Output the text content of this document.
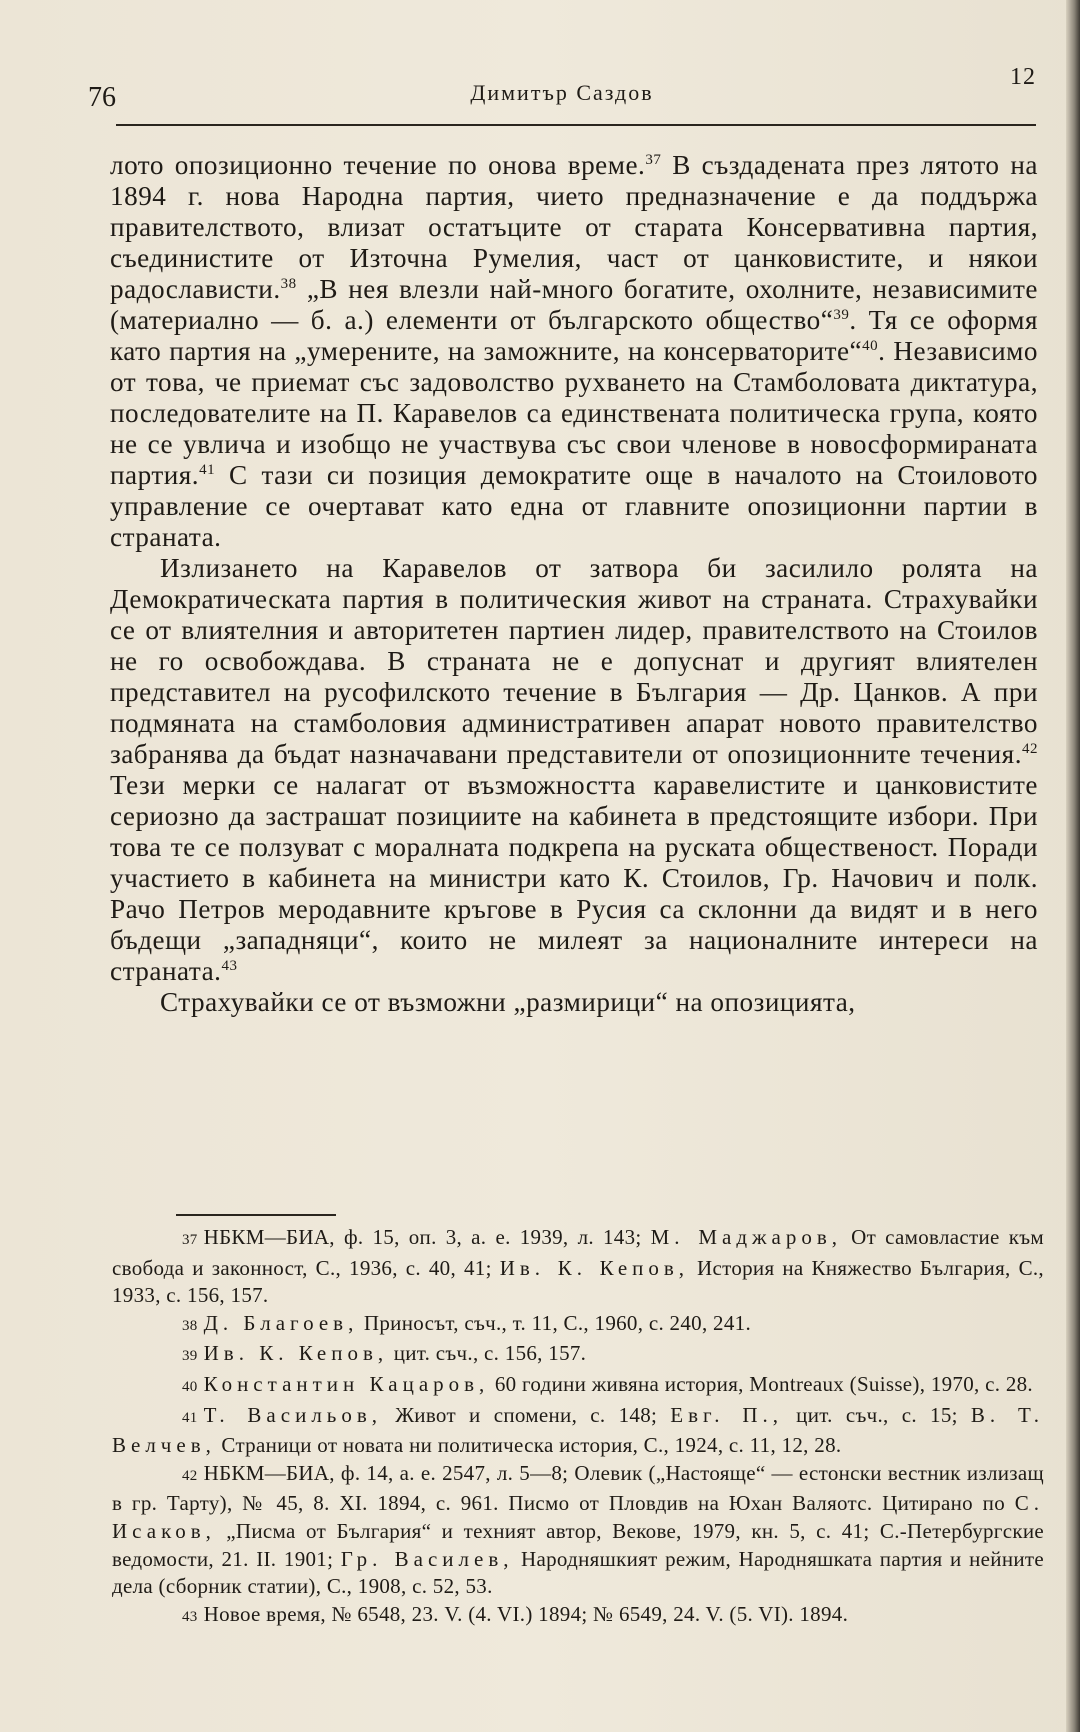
12
76	Димитър Саздов

лото опозиционно течение по онова време.$^{37}$ В създадената през лятото на 1894 г. нова Народна партия, чието предназначение е да поддържа правителството, влизат остатъците от старата Консервативна партия, съединистите от Източна Румелия, част от цанковистите, и някои радослависти.$^{38}$ „В нея влезли най-много богатите, охолните, независимите (материално — б. а.) елементи от българското общество“$^{39}$. Тя се оформя като партия на „умерените, на заможните, на консерваторите“$^{40}$. Независимо от това, че приемат със задоволство рухването на Стамболовата диктатура, последователите на П. Каравелов са единствената политическа група, която не се увлича и изобщо не участвува със свои членове в новосформираната партия.$^{41}$ С тази си позиция демократите още в началото на Стоиловото управление се очертават като една от главните опозиционни партии в страната.

Излизането на Каравелов от затвора би засилило ролята на Демократическата партия в политическия живот на страната. Страхувайки се от влиятелния и авторитетен партиен лидер, правителството на Стоилов не го освобождава. В страната не е допуснат и другият влиятелен представител на русофилското течение в България — Др. Цанков. А при подмяната на стамболовия административен апарат новото правителство забранява да бъдат назначавани представители от опозиционните течения.$^{42}$ Тези мерки се налагат от възможността каравелистите и цанковистите сериозно да застрашат позициите на кабинета в предстоящите избори. При това те се ползуват с моралната подкрепа на руската общественост. Поради участието в кабинета на министри като К. Стоилов, Гр. Начович и полк. Рачо Петров меродавните кръгове в Русия са склонни да видят и в него бъдещи „западняци“, които не милеят за националните интереси на страната.$^{43}$

Страхувайки се от възможни „размирици“ на опозицията,

37 НБКМ—БИА, ф. 15, оп. 3, а. е. 1939, л. 143; М. Маджаров, От самовластие към свобода и законност, С., 1936, с. 40, 41; Ив. К. Кепов, История на Княжество България, С., 1933, с. 156, 157.

38 Д. Благоев, Приносът, съч., т. 11, С., 1960, с. 240, 241.

39 Ив. К. Кепов, цит. съч., с. 156, 157.

40 Константин Кацаров, 60 години живяна история, Montreaux (Suisse), 1970, с. 28.

41 Т. Васильов, Живот и спомени, с. 148; Евг. П., цит. съч., с. 15; В. Т. Велчев, Страници от новата ни политическа история, С., 1924, с. 11, 12, 28.

42 НБКМ—БИА, ф. 14, а. е. 2547, л. 5—8; Олевик („Настояще“ — естонски вестник излизащ в гр. Тарту), № 45, 8. XI. 1894, с. 961. Писмо от Пловдив на Юхан Валяотс. Цитирано по С. Исаков, „Писма от България“ и техният автор, Векове, 1979, кн. 5, с. 41; С.-Петербургские ведомости, 21. II. 1901; Гр. Василев, Народняшкият режим, Народняшката партия и нейните дела (сборник статии), С., 1908, с. 52, 53.

43 Новое время, № 6548, 23. V. (4. VI.) 1894; № 6549, 24. V. (5. VI). 1894.
